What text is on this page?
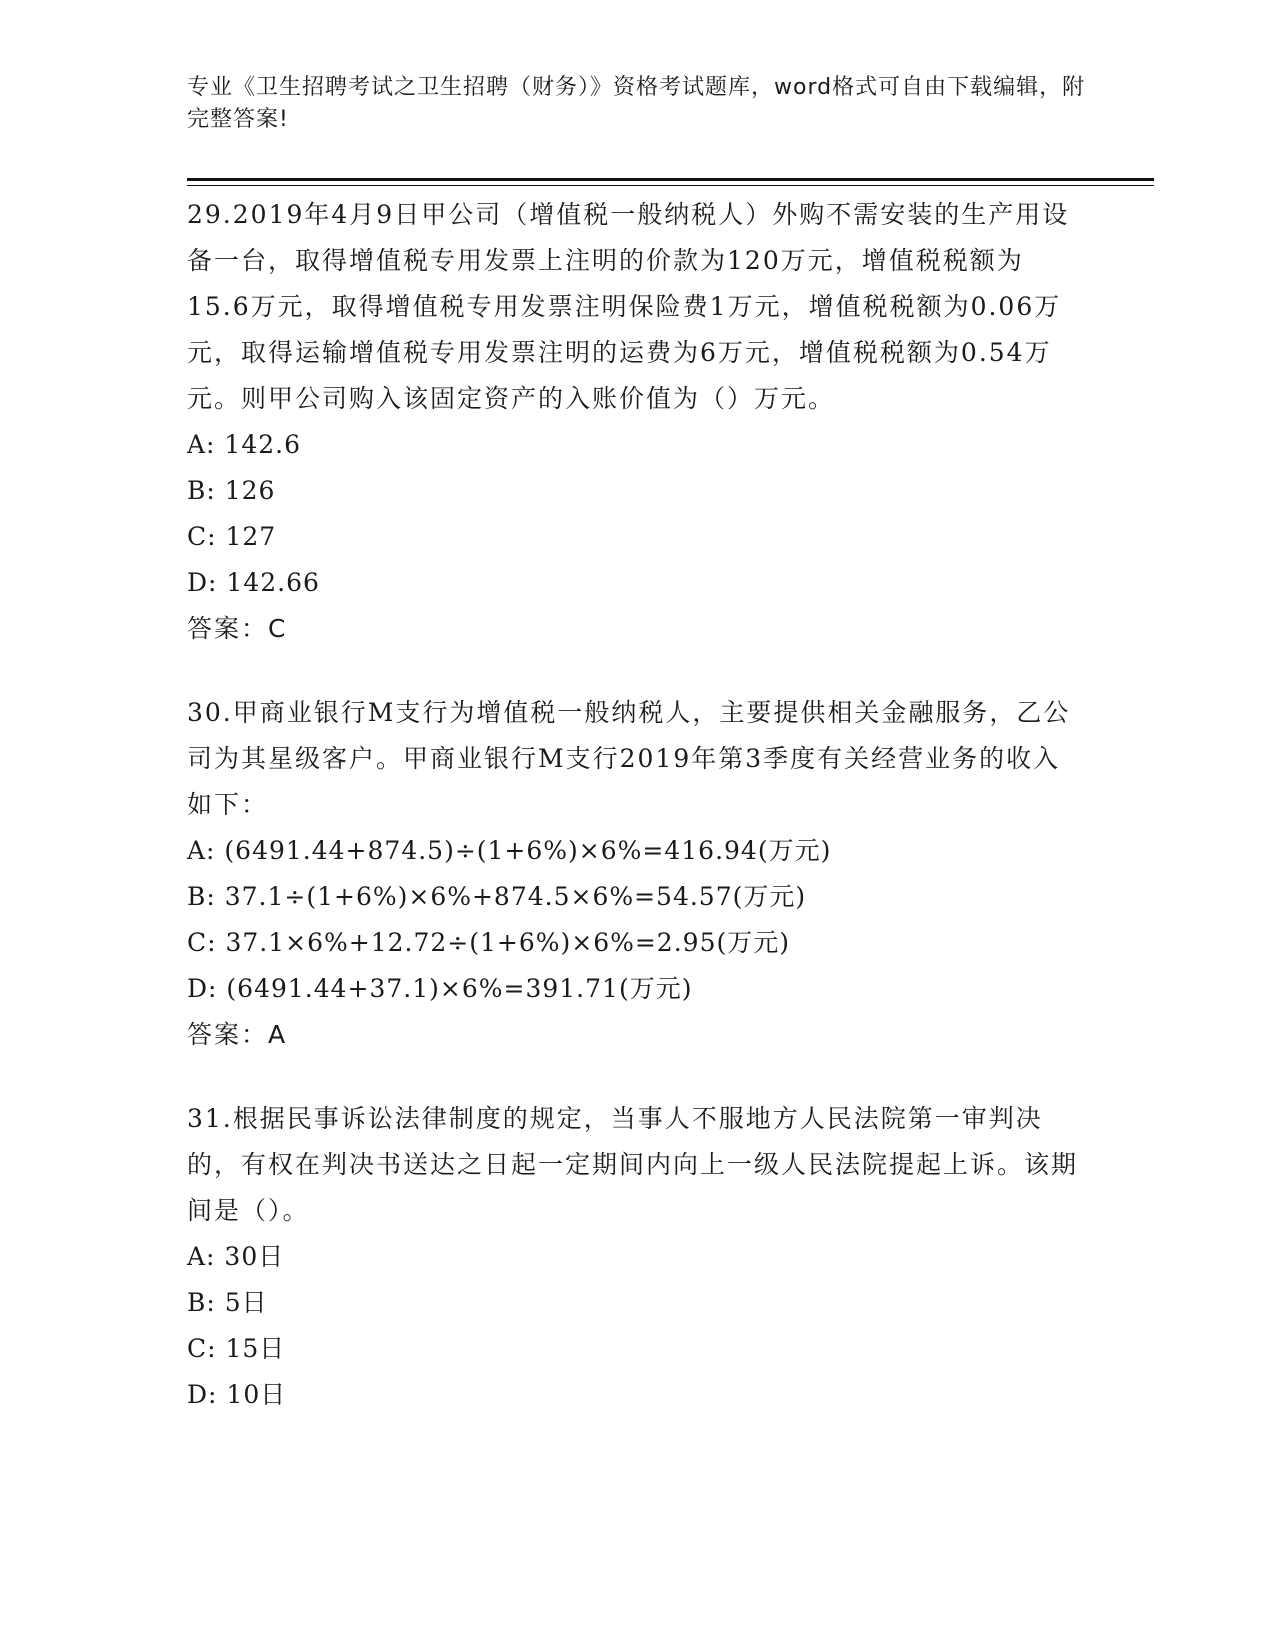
专业《卫生招聘考试之卫生招聘（财务）》资格考试题库，word格式可自由下载编辑，附完整答案!
29.2019年4月9日甲公司（增值税一般纳税人）外购不需安装的生产用设备一台，取得增值税专用发票上注明的价款为120万元，增值税税额为15.6万元，取得增值税专用发票注明保险费1万元，增值税税额为0.06万元，取得运输增值税专用发票注明的运费为6万元，增值税税额为0.54万元。则甲公司购入该固定资产的入账价值为（）万元。
A: 142.6
B: 126
C: 127
D: 142.66
答案：C
30.甲商业银行M支行为增值税一般纳税人，主要提供相关金融服务，乙公司为其星级客户。甲商业银行M支行2019年第3季度有关经营业务的收入如下：
A: (6491.44+874.5)÷(1+6%)×6%=416.94(万元)
B: 37.1÷(1+6%)×6%+874.5×6%=54.57(万元)
C: 37.1×6%+12.72÷(1+6%)×6%=2.95(万元)
D: (6491.44+37.1)×6%=391.71(万元)
答案：A
31.根据民事诉讼法律制度的规定，当事人不服地方人民法院第一审判决的，有权在判决书送达之日起一定期间内向上一级人民法院提起上诉。该期间是（）。
A: 30日
B: 5日
C: 15日
D: 10日
